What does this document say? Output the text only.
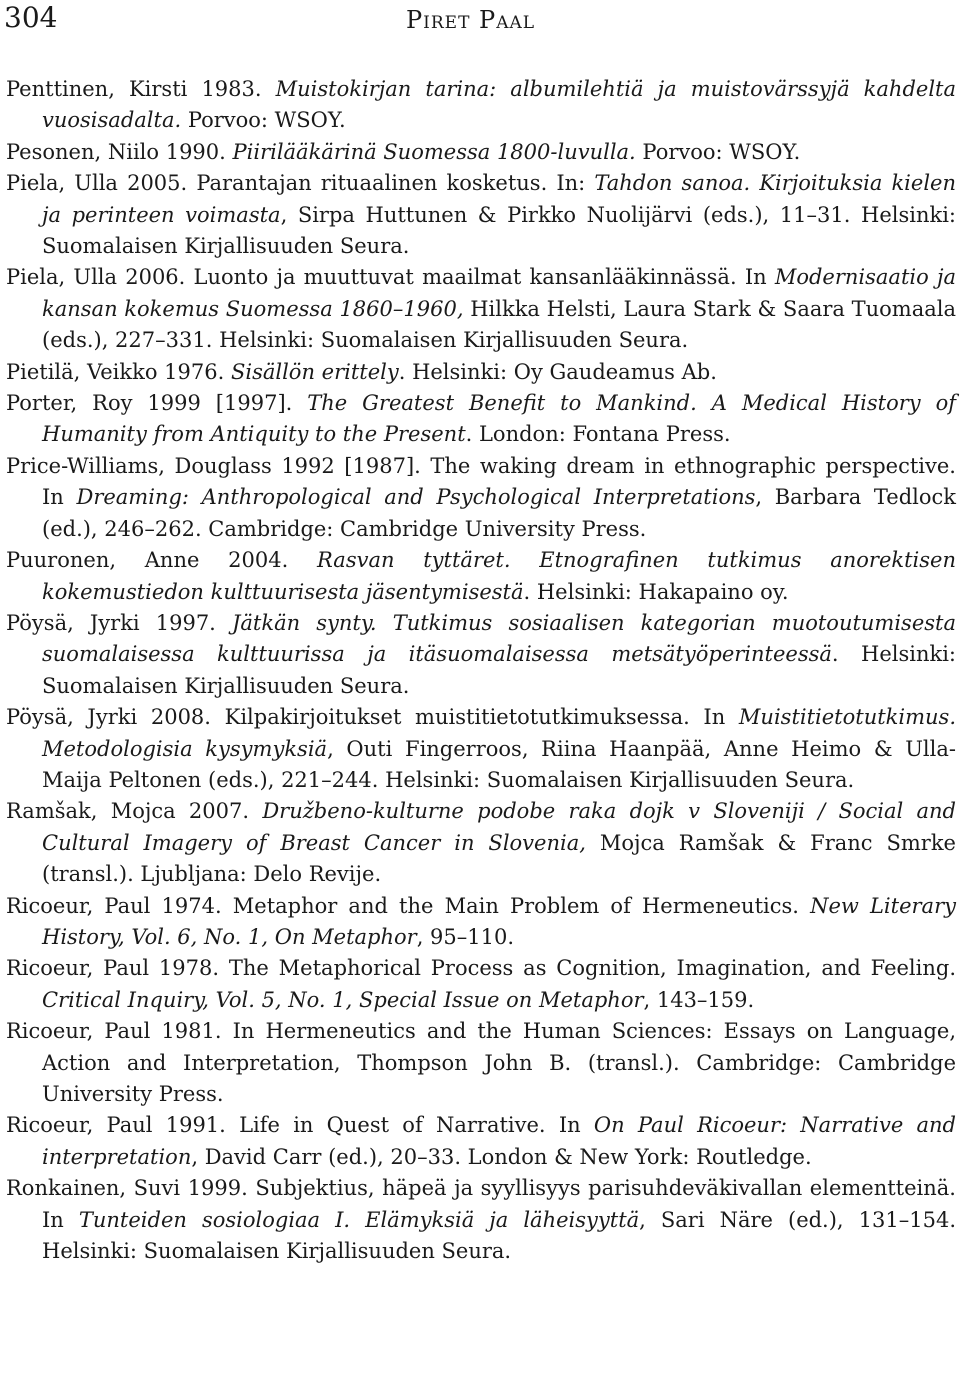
304	Piret Paal
Penttinen, Kirsti 1983. Muistokirjan tarina: albumilehtiä ja muistovärssyjä kahdelta vuosisadalta. Porvoo: WSOY.
Pesonen, Niilo 1990. Piirilääkärinä Suomessa 1800-luvulla. Porvoo: WSOY.
Piela, Ulla 2005. Parantajan rituaalinen kosketus. In: Tahdon sanoa. Kirjoituksia kielen ja perinteen voimasta, Sirpa Huttunen & Pirkko Nuolijärvi (eds.), 11–31. Helsinki: Suomalaisen Kirjallisuuden Seura.
Piela, Ulla 2006. Luonto ja muuttuvat maailmat kansanlääkinnässä. In Modernisaatio ja kansan kokemus Suomessa 1860–1960, Hilkka Helsti, Laura Stark & Saara Tuomaala (eds.), 227–331. Helsinki: Suomalaisen Kirjallisuuden Seura.
Pietilä, Veikko 1976. Sisällön erittely. Helsinki: Oy Gaudeamus Ab.
Porter, Roy 1999 [1997]. The Greatest Benefit to Mankind. A Medical History of Humanity from Antiquity to the Present. London: Fontana Press.
Price-Williams, Douglass 1992 [1987]. The waking dream in ethnographic perspective. In Dreaming: Anthropological and Psychological Interpretations, Barbara Tedlock (ed.), 246–262. Cambridge: Cambridge University Press.
Puuronen, Anne 2004. Rasvan tyttäret. Etnografinen tutkimus anorektisen kokemustiedon kulttuurisesta jäsentymisestä. Helsinki: Hakapaino oy.
Pöysä, Jyrki 1997. Jätkän synty. Tutkimus sosiaalisen kategorian muotoutumisesta suomalaisessa kulttuurissa ja itäsuomalaisessa metsätyöperinteessä. Helsinki: Suomalaisen Kirjallisuuden Seura.
Pöysä, Jyrki 2008. Kilpakirjoitukset muistitietotutkimuksessa. In Muistitietotutkimus. Metodologisia kysymyksiä, Outi Fingerroos, Riina Haanpää, Anne Heimo & Ulla-Maija Peltonen (eds.), 221–244. Helsinki: Suomalaisen Kirjallisuuden Seura.
Ramšak, Mojca 2007. Družbeno-kulturne podobe raka dojk v Sloveniji / Social and Cultural Imagery of Breast Cancer in Slovenia, Mojca Ramšak & Franc Smrke (transl.). Ljubljana: Delo Revije.
Ricoeur, Paul 1974. Metaphor and the Main Problem of Hermeneutics. New Literary History, Vol. 6, No. 1, On Metaphor, 95–110.
Ricoeur, Paul 1978. The Metaphorical Process as Cognition, Imagination, and Feeling. Critical Inquiry, Vol. 5, No. 1, Special Issue on Metaphor, 143–159.
Ricoeur, Paul 1981. In Hermeneutics and the Human Sciences: Essays on Language, Action and Interpretation, Thompson John B. (transl.). Cambridge: Cambridge University Press.
Ricoeur, Paul 1991. Life in Quest of Narrative. In On Paul Ricoeur: Narrative and interpretation, David Carr (ed.), 20–33. London & New York: Routledge.
Ronkainen, Suvi 1999. Subjektius, häpeä ja syyllisyys parisuhdeväkivallan elementteinä. In Tunteiden sosiologiaa I. Elämyksiä ja läheisyyttä, Sari Näre (ed.), 131–154. Helsinki: Suomalaisen Kirjallisuuden Seura.
